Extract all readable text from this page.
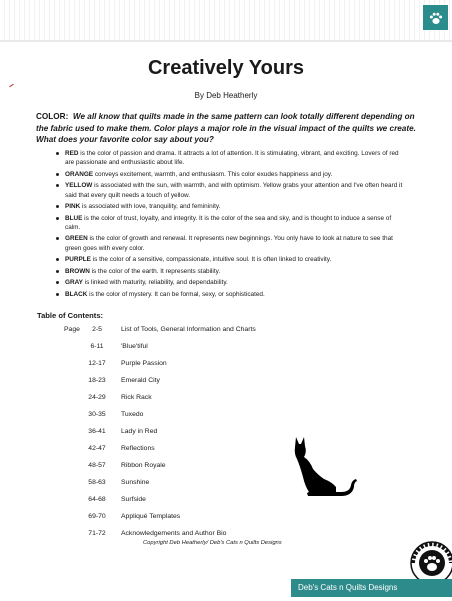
Creatively Yours
By Deb Heatherly
COLOR: We all know that quilts made in the same pattern can look totally different depending on the fabric used to make them. Color plays a major role in the visual impact of the quilts we create. What does your favorite color say about you?
RED is the color of passion and drama. It attracts a lot of attention. It is stimulating, vibrant, and exciting. Lovers of red are passionate and enthusiastic about life.
ORANGE conveys excitement, warmth, and enthusiasm. This color exudes happiness and joy.
YELLOW is associated with the sun, with warmth, and with optimism. Yellow grabs your attention and I've often heard it said that every quilt needs a touch of yellow.
PINK is associated with love, tranquility, and femininity.
BLUE is the color of trust, loyalty, and integrity. It is the color of the sea and sky, and is thought to induce a sense of calm.
GREEN is the color of growth and renewal. It represents new beginnings. You only have to look at nature to see that green goes with every color.
PURPLE is the color of a sensitive, compassionate, intuitive soul. It is often linked to creativity.
BROWN is the color of the earth. It represents stability.
GRAY is linked with maturity, reliability, and dependability.
BLACK is the color of mystery. It can be formal, sexy, or sophisticated.
Table of Contents:
Page	2-5	List of Tools, General Information and Charts
6-11	'Blue'tiful
12-17	Purple Passion
18-23	Emerald City
24-29	Rick Rack
30-35	Tuxedo
36-41	Lady in Red
42-47	Reflections
48-57	Ribbon Royale
58-63	Sunshine
64-68	Surfside
69-70	Appliqué Templates
71-72	Acknowledgements and Author Bio
Copyright Deb Heatherly/ Deb's Cats n Quilts Designs
Deb's Cats n Quilts Designs
